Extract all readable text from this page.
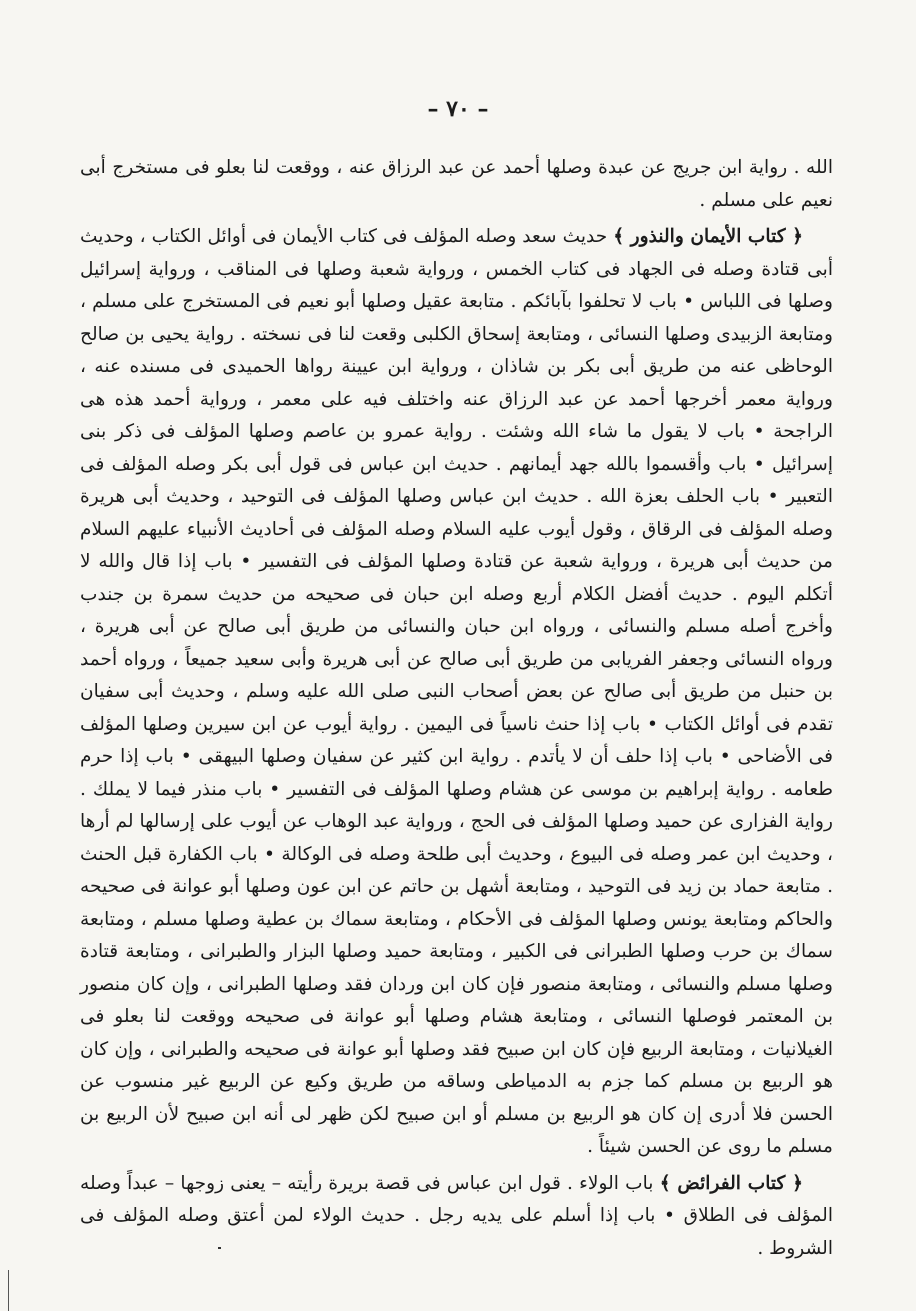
– ٧٠ –

الله . رواية ابن جريج عن عبدة وصلها أحمد عن عبد الرزاق عنه ، ووقعت لنا بعلو فى مستخرج أبى نعيم على مسلم .

﴿ كتاب الأيمان والنذور ﴾ حديث سعد وصله المؤلف فى كتاب الأيمان فى أوائل الكتاب ، وحديث أبى قتادة وصله فى الجهاد فى كتاب الخمس ، ورواية شعبة وصلها فى المناقب ، ورواية إسرائيل وصلها فى اللباس • باب لا تحلفوا بآبائكم . متابعة عقيل وصلها أبو نعيم فى المستخرج على مسلم ، ومتابعة الزبيدى وصلها النسائى ، ومتابعة إسحاق الكلبى وقعت لنا فى نسخته . رواية يحيى بن صالح الوحاظى عنه من طريق أبى بكر بن شاذان ، ورواية ابن عيينة رواها الحميدى فى مسنده عنه ، ورواية معمر أخرجها أحمد عن عبد الرزاق عنه واختلف فيه على معمر ، ورواية أحمد هذه هى الراجحة • باب لا يقول ما شاء الله وشئت . رواية عمرو بن عاصم وصلها المؤلف فى ذكر بنى إسرائيل • باب وأقسموا بالله جهد أيمانهم . حديث ابن عباس فى قول أبى بكر وصله المؤلف فى التعبير • باب الحلف بعزة الله . حديث ابن عباس وصلها المؤلف فى التوحيد ، وحديث أبى هريرة وصله المؤلف فى الرقاق ، وقول أيوب عليه السلام وصله المؤلف فى أحاديث الأنبياء عليهم السلام من حديث أبى هريرة ، ورواية شعبة عن قتادة وصلها المؤلف فى التفسير • باب إذا قال والله لا أتكلم اليوم . حديث أفضل الكلام أربع وصله ابن حبان فى صحيحه من حديث سمرة بن جندب وأخرج أصله مسلم والنسائى ، ورواه ابن حبان والنسائى من طريق أبى صالح عن أبى هريرة ، ورواه النسائى وجعفر الفريابى من طريق أبى صالح عن أبى هريرة وأبى سعيد جميعاً ، ورواه أحمد بن حنبل من طريق أبى صالح عن بعض أصحاب النبى صلى الله عليه وسلم ، وحديث أبى سفيان تقدم فى أوائل الكتاب • باب إذا حنث ناسياً فى اليمين . رواية أيوب عن ابن سيرين وصلها المؤلف فى الأضاحى • باب إذا حلف أن لا يأتدم . رواية ابن كثير عن سفيان وصلها البيهقى • باب إذا حرم طعامه . رواية إبراهيم بن موسى عن هشام وصلها المؤلف فى التفسير • باب منذر فيما لا يملك . رواية الفزارى عن حميد وصلها المؤلف فى الحج ، ورواية عبد الوهاب عن أيوب على إرسالها لم أرها ، وحديث ابن عمر وصله فى البيوع ، وحديث أبى طلحة وصله فى الوكالة • باب الكفارة قبل الحنث . متابعة حماد بن زيد فى التوحيد ، ومتابعة أشهل بن حاتم عن ابن عون وصلها أبو عوانة فى صحيحه والحاكم ومتابعة يونس وصلها المؤلف فى الأحكام ، ومتابعة سماك بن عطية وصلها مسلم ، ومتابعة سماك بن حرب وصلها الطبرانى فى الكبير ، ومتابعة حميد وصلها البزار والطبرانى ، ومتابعة قتادة وصلها مسلم والنسائى ، ومتابعة منصور فإن كان ابن وردان فقد وصلها الطبرانى ، وإن كان منصور بن المعتمر فوصلها النسائى ، ومتابعة هشام وصلها أبو عوانة فى صحيحه ووقعت لنا بعلو فى الغيلانيات ، ومتابعة الربيع فإن كان ابن صبيح فقد وصلها أبو عوانة فى صحيحه والطبرانى ، وإن كان هو الربيع بن مسلم كما جزم به الدمياطى وساقه من طريق وكيع عن الربيع غير منسوب عن الحسن فلا أدرى إن كان هو الربيع بن مسلم أو ابن صبيح لكن ظهر لى أنه ابن صبيح لأن الربيع بن مسلم ما روى عن الحسن شيئاً .

﴿ كتاب الفرائض ﴾ باب الولاء . قول ابن عباس فى قصة بريرة رأيته – يعنى زوجها – عبداً وصله المؤلف فى الطلاق • باب إذا أسلم على يديه رجل . حديث الولاء لمن أعتق وصله المؤلف فى الشروط .
